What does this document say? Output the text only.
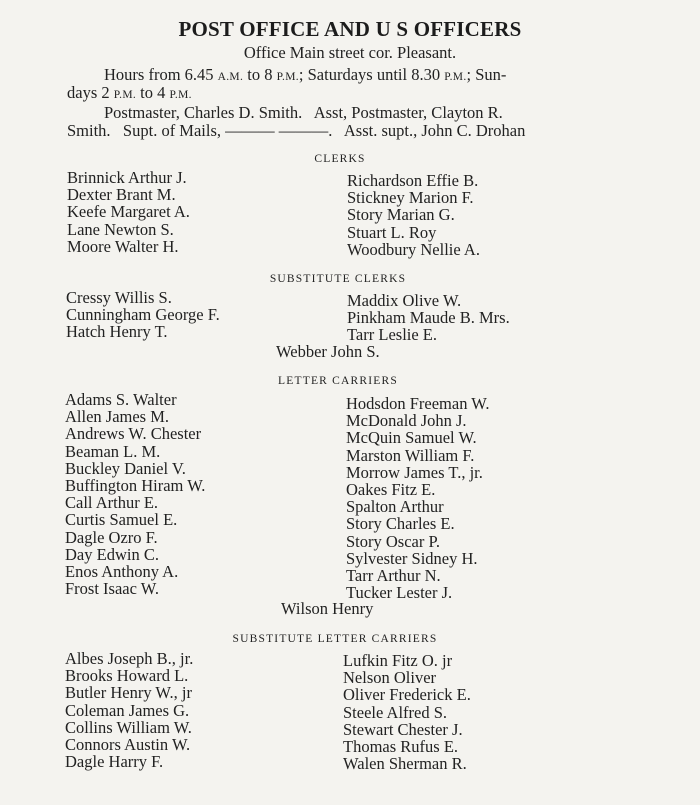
POST OFFICE AND U S OFFICERS
Office Main street cor. Pleasant.
Hours from 6.45 A.M. to 8 P.M.; Saturdays until 8.30 P.M.; Sun-
days 2 P.M. to 4 P.M.
Postmaster, Charles D. Smith.   Asst, Postmaster, Clayton R.
Smith.   Supt. of Mails, ——— ———.   Asst. supt., John C. Drohan
CLERKS
Brinnick Arthur J.
Dexter Brant M.
Keefe Margaret A.
Lane Newton S.
Moore Walter H.
Richardson Effie B.
Stickney Marion F.
Story Marian G.
Stuart L. Roy
Woodbury Nellie A.
SUBSTITUTE CLERKS
Cressy Willis S.
Cunningham George F.
Hatch Henry T.
Maddix Olive W.
Pinkham Maude B. Mrs.
Tarr Leslie E.
Webber John S.
LETTER CARRIERS
Adams S. Walter
Allen James M.
Andrews W. Chester
Beaman L. M.
Buckley Daniel V.
Buffington Hiram W.
Call Arthur E.
Curtis Samuel E.
Dagle Ozro F.
Day Edwin C.
Enos Anthony A.
Frost Isaac W.
Hodsdon Freeman W.
McDonald John J.
McQuin Samuel W.
Marston William F.
Morrow James T., jr.
Oakes Fitz E.
Spalton Arthur
Story Charles E.
Story Oscar P.
Sylvester Sidney H.
Tarr Arthur N.
Tucker Lester J.
Wilson Henry
SUBSTITUTE LETTER CARRIERS
Albes Joseph B., jr.
Brooks Howard L.
Butler Henry W., jr
Coleman James G.
Collins William W.
Connors Austin W.
Dagle Harry F.
Lufkin Fitz O. jr
Nelson Oliver
Oliver Frederick E.
Steele Alfred S.
Stewart Chester J.
Thomas Rufus E.
Walen Sherman R.
